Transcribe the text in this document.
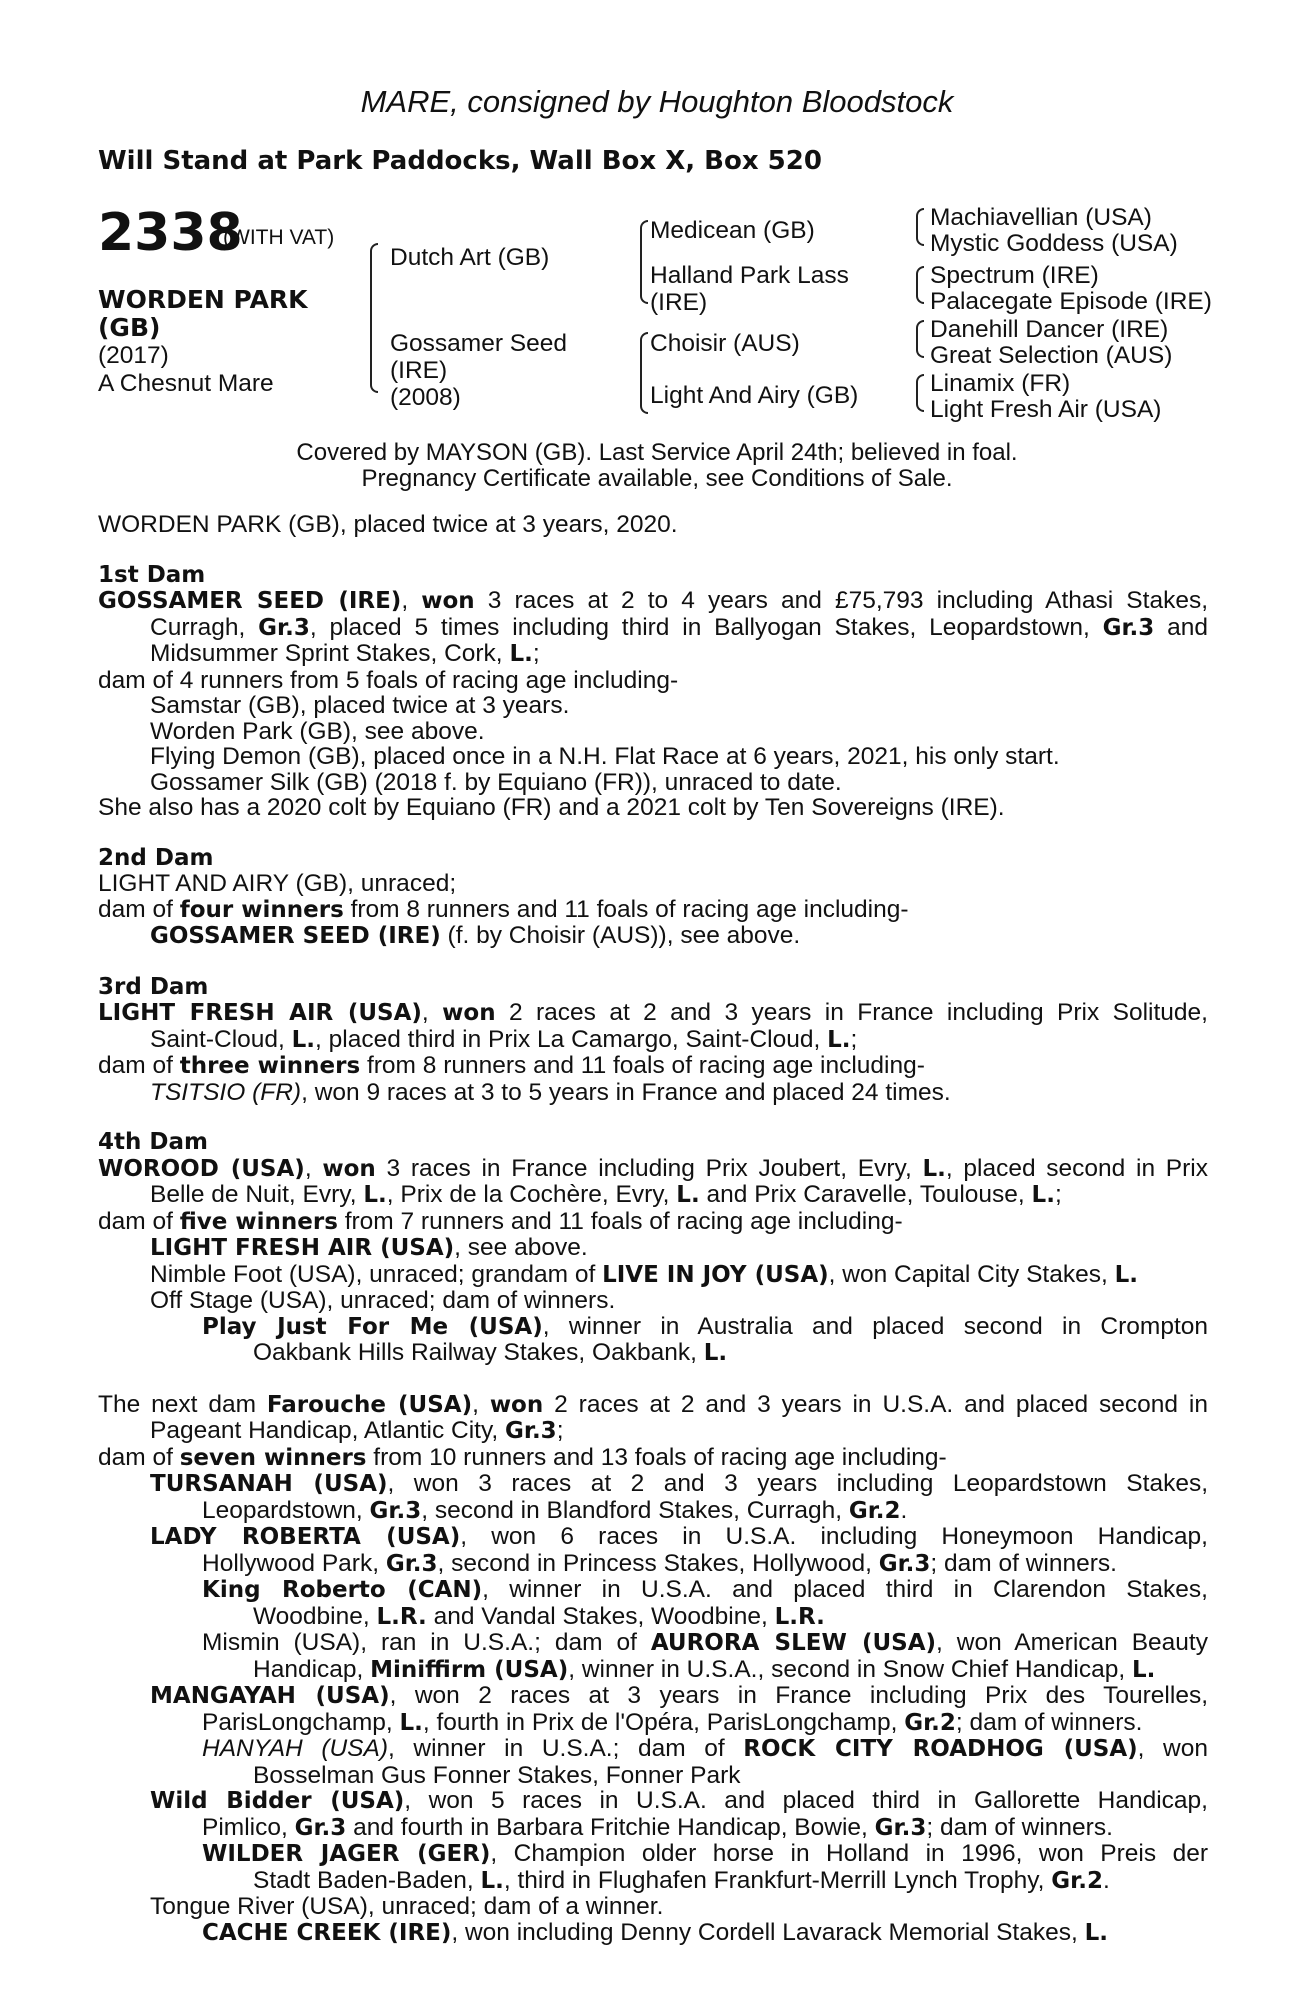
MARE, consigned by Houghton Bloodstock
Will Stand at Park Paddocks, Wall Box X, Box 520
2338
(WITH VAT)
WORDEN PARK
(GB)
(2017)
A Chesnut Mare
Dutch Art (GB)
Gossamer Seed
(IRE)
(2008)
Medicean (GB)
Halland Park Lass
(IRE)
Choisir (AUS)
Light And Airy (GB)
Machiavellian (USA)
Mystic Goddess (USA)
Spectrum (IRE)
Palacegate Episode (IRE)
Danehill Dancer (IRE)
Great Selection (AUS)
Linamix (FR)
Light Fresh Air (USA)
Covered by MAYSON (GB). Last Service April 24th; believed in foal.
Pregnancy Certificate available, see Conditions of Sale.
WORDEN PARK (GB), placed twice at 3 years, 2020.
1st Dam
GOSSAMER SEED (IRE), won 3 races at 2 to 4 years and £75,793 including Athasi Stakes,
Curragh, Gr.3, placed 5 times including third in Ballyogan Stakes, Leopardstown, Gr.3 and
Midsummer Sprint Stakes, Cork, L.;
dam of 4 runners from 5 foals of racing age including-
Samstar (GB), placed twice at 3 years.
Worden Park (GB), see above.
Flying Demon (GB), placed once in a N.H. Flat Race at 6 years, 2021, his only start.
Gossamer Silk (GB) (2018 f. by Equiano (FR)), unraced to date.
She also has a 2020 colt by Equiano (FR) and a 2021 colt by Ten Sovereigns (IRE).
2nd Dam
LIGHT AND AIRY (GB), unraced;
dam of four winners from 8 runners and 11 foals of racing age including-
GOSSAMER SEED (IRE) (f. by Choisir (AUS)), see above.
3rd Dam
LIGHT FRESH AIR (USA), won 2 races at 2 and 3 years in France including Prix Solitude,
Saint-Cloud, L., placed third in Prix La Camargo, Saint-Cloud, L.;
dam of three winners from 8 runners and 11 foals of racing age including-
TSITSIO (FR), won 9 races at 3 to 5 years in France and placed 24 times.
4th Dam
WOROOD (USA), won 3 races in France including Prix Joubert, Evry, L., placed second in Prix
Belle de Nuit, Evry, L., Prix de la Cochère, Evry, L. and Prix Caravelle, Toulouse, L.;
dam of five winners from 7 runners and 11 foals of racing age including-
LIGHT FRESH AIR (USA), see above.
Nimble Foot (USA), unraced; grandam of LIVE IN JOY (USA), won Capital City Stakes, L.
Off Stage (USA), unraced; dam of winners.
Play Just For Me (USA), winner in Australia and placed second in Crompton
Oakbank Hills Railway Stakes, Oakbank, L.
The next dam Farouche (USA), won 2 races at 2 and 3 years in U.S.A. and placed second in
Pageant Handicap, Atlantic City, Gr.3;
dam of seven winners from 10 runners and 13 foals of racing age including-
TURSANAH (USA), won 3 races at 2 and 3 years including Leopardstown Stakes,
Leopardstown, Gr.3, second in Blandford Stakes, Curragh, Gr.2.
LADY ROBERTA (USA), won 6 races in U.S.A. including Honeymoon Handicap,
Hollywood Park, Gr.3, second in Princess Stakes, Hollywood, Gr.3; dam of winners.
King Roberto (CAN), winner in U.S.A. and placed third in Clarendon Stakes,
Woodbine, L.R. and Vandal Stakes, Woodbine, L.R.
Mismin (USA), ran in U.S.A.; dam of AURORA SLEW (USA), won American Beauty
Handicap, Miniffirm (USA), winner in U.S.A., second in Snow Chief Handicap, L.
MANGAYAH (USA), won 2 races at 3 years in France including Prix des Tourelles,
ParisLongchamp, L., fourth in Prix de l'Opéra, ParisLongchamp, Gr.2; dam of winners.
HANYAH (USA), winner in U.S.A.; dam of ROCK CITY ROADHOG (USA), won
Bosselman Gus Fonner Stakes, Fonner Park
Wild Bidder (USA), won 5 races in U.S.A. and placed third in Gallorette Handicap,
Pimlico, Gr.3 and fourth in Barbara Fritchie Handicap, Bowie, Gr.3; dam of winners.
WILDER JAGER (GER), Champion older horse in Holland in 1996, won Preis der
Stadt Baden-Baden, L., third in Flughafen Frankfurt-Merrill Lynch Trophy, Gr.2.
Tongue River (USA), unraced; dam of a winner.
CACHE CREEK (IRE), won including Denny Cordell Lavarack Memorial Stakes, L.
